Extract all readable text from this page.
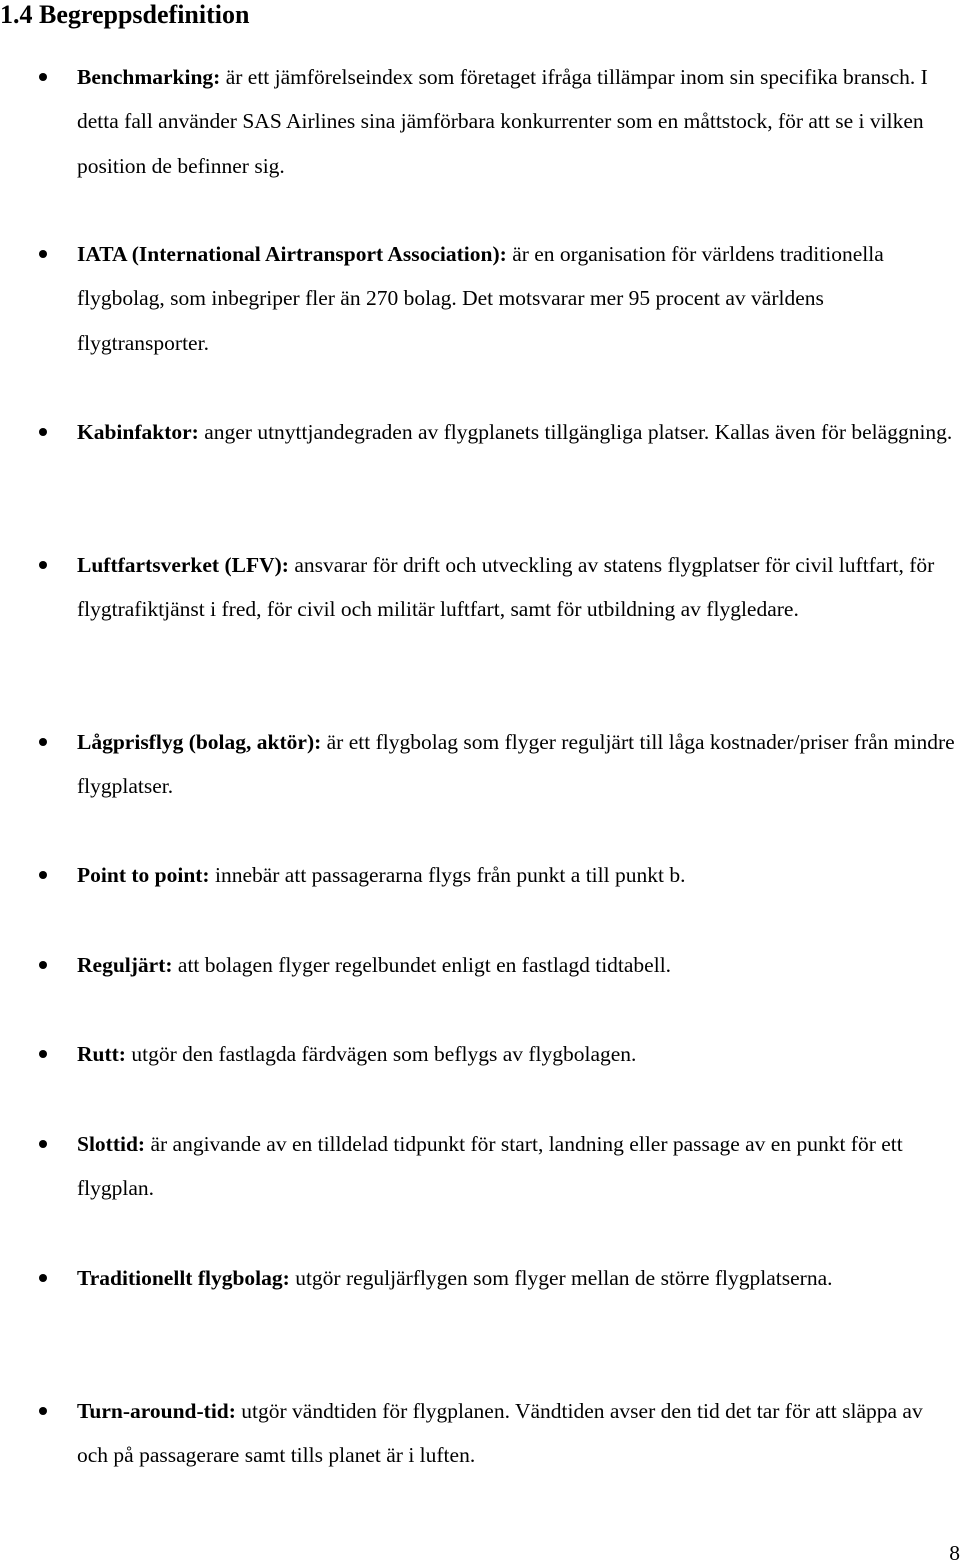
1.4 Begreppsdefinition
Benchmarking: är ett jämförelseindex som företaget ifråga tillämpar inom sin specifika bransch. I detta fall använder SAS Airlines sina jämförbara konkurrenter som en måttstock, för att se i vilken position de befinner sig.
IATA (International Airtransport Association): är en organisation för världens traditionella flygbolag, som inbegriper fler än 270 bolag. Det motsvarar mer 95 procent av världens flygtransporter.
Kabinfaktor: anger utnyttjandegraden av flygplanets tillgängliga platser. Kallas även för beläggning.
Luftfartsverket (LFV): ansvarar för drift och utveckling av statens flygplatser för civil luftfart, för flygtrafiktjänst i fred, för civil och militär luftfart, samt för utbildning av flygledare.
Lågprisflyg (bolag, aktör): är ett flygbolag som flyger reguljärt till låga kostnader/priser från mindre flygplatser.
Point to point: innebär att passagerarna flygs från punkt a till punkt b.
Reguljärt: att bolagen flyger regelbundet enligt en fastlagd tidtabell.
Rutt: utgör den fastlagda färdvägen som beflygs av flygbolagen.
Slottid: är angivande av en tilldelad tidpunkt för start, landning eller passage av en punkt för ett flygplan.
Traditionellt flygbolag: utgör reguljärflygen som flyger mellan de större flygplatserna.
Turn-around-tid: utgör vändtiden för flygplanen. Vändtiden avser den tid det tar för att släppa av och på passagerare samt tills planet är i luften.
8
